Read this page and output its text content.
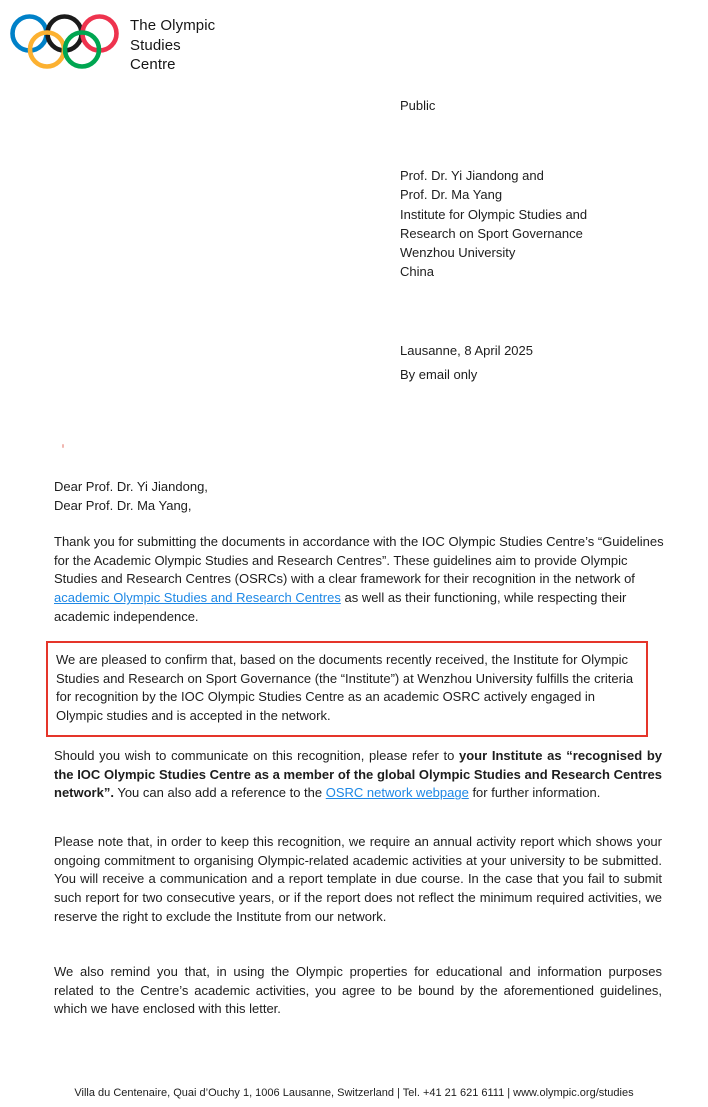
The Olympic
Studies
Centre
Public
Prof. Dr. Yi Jiandong and
Prof. Dr. Ma Yang
Institute for Olympic Studies and
Research on Sport Governance
Wenzhou University
China
Lausanne, 8 April 2025
By email only
Dear Prof. Dr. Yi Jiandong,
Dear Prof. Dr. Ma Yang,
Thank you for submitting the documents in accordance with the IOC Olympic Studies Centre’s “Guidelines for the Academic Olympic Studies and Research Centres”. These guidelines aim to provide Olympic Studies and Research Centres (OSRCs) with a clear framework for their recognition in the network of academic Olympic Studies and Research Centres as well as their functioning, while respecting their academic independence.
We are pleased to confirm that, based on the documents recently received, the Institute for Olympic Studies and Research on Sport Governance (the “Institute”) at Wenzhou University fulfills the criteria for recognition by the IOC Olympic Studies Centre as an academic OSRC actively engaged in Olympic studies and is accepted in the network.
Should you wish to communicate on this recognition, please refer to your Institute as “recognised by the IOC Olympic Studies Centre as a member of the global Olympic Studies and Research Centres network”. You can also add a reference to the OSRC network webpage for further information.
Please note that, in order to keep this recognition, we require an annual activity report which shows your ongoing commitment to organising Olympic-related academic activities at your university to be submitted. You will receive a communication and a report template in due course. In the case that you fail to submit such report for two consecutive years, or if the report does not reflect the minimum required activities, we reserve the right to exclude the Institute from our network.
We also remind you that, in using the Olympic properties for educational and information purposes related to the Centre’s academic activities, you agree to be bound by the aforementioned guidelines, which we have enclosed with this letter.
Villa du Centenaire, Quai d’Ouchy 1, 1006 Lausanne, Switzerland | Tel. +41 21 621 6111 | www.olympic.org/studies
